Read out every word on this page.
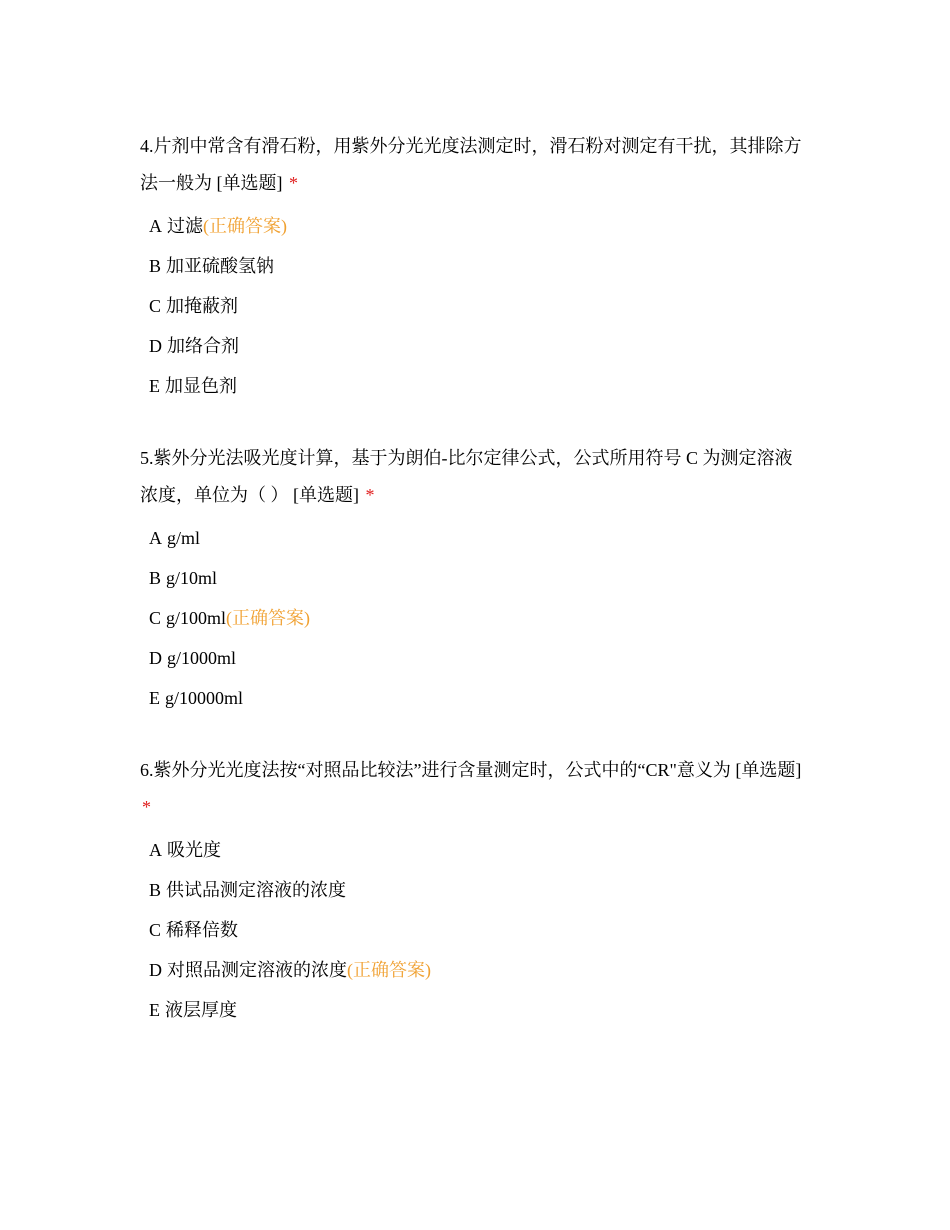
4.片剂中常含有滑石粉，用紫外分光光度法测定时，滑石粉对测定有干扰，其排除方法一般为 [单选题] *

A 过滤(正确答案)
B 加亚硫酸氢钠
C 加掩蔽剂
D 加络合剂
E 加显色剂

5.紫外分光法吸光度计算，基于为朗伯-比尔定律公式，公式所用符号 C 为测定溶液浓度，单位为（ ） [单选题] *

A g/ml
B g/10ml
C g/100ml(正确答案)
D g/1000ml
E g/10000ml

6.紫外分光光度法按“对照品比较法”进行含量测定时，公式中的“CR"意义为 [单选题] *

A 吸光度
B 供试品测定溶液的浓度
C 稀释倍数
D 对照品测定溶液的浓度(正确答案)
E 液层厚度
